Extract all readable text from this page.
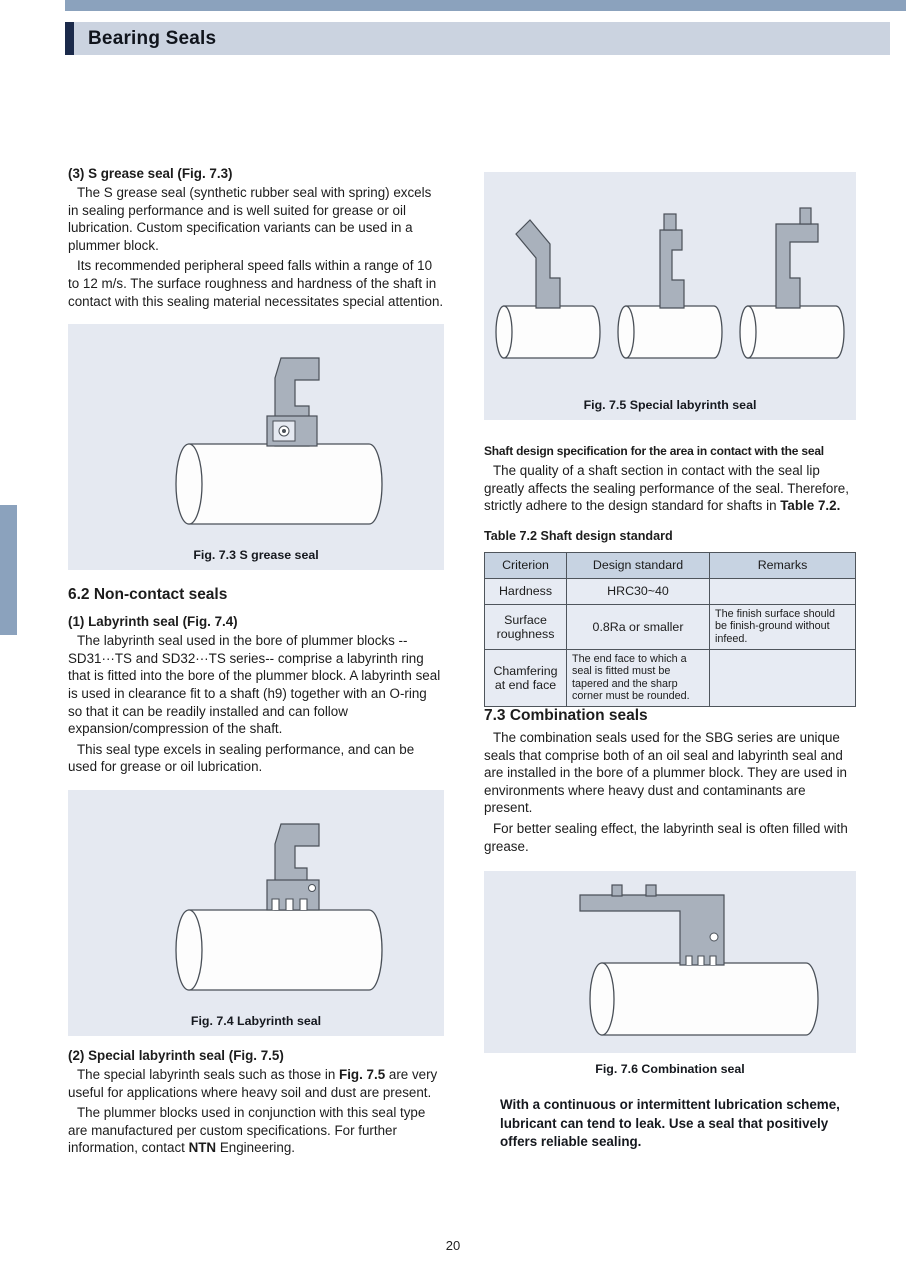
Bearing Seals
(3) S grease seal (Fig. 7.3)

The S grease seal (synthetic rubber seal with spring) excels in sealing performance and is well suited for grease or oil lubrication. Custom specification variants can be used in a plummer block.

Its recommended peripheral speed falls within a range of 10 to 12 m/s. The surface roughness and hardness of the shaft in contact with this sealing material necessitates special attention.

Fig. 7.3 S grease seal
6.2 Non-contact seals
(1) Labyrinth seal (Fig. 7.4)

The labyrinth seal used in the bore of plummer blocks -- SD31···TS and SD32···TS series-- comprise a labyrinth ring that is fitted into the bore of the plummer block. A labyrinth seal is used in clearance fit to a shaft (h9) together with an O-ring so that it can be readily installed and can follow expansion/compression of the shaft.

This seal type excels in sealing performance, and can be used for grease or oil lubrication.

Fig. 7.4 Labyrinth seal
(2) Special labyrinth seal (Fig. 7.5)

The special labyrinth seals such as those in Fig. 7.5 are very useful for applications where heavy soil and dust are present.

The plummer blocks used in conjunction with this seal type are manufactured per custom specifications. For further information, contact NTN Engineering.

Fig. 7.5 Special labyrinth seal
Shaft design specification for the area in contact with the seal

The quality of a shaft section in contact with the seal lip greatly affects the sealing performance of the seal. Therefore, strictly adhere to the design standard for shafts in Table 7.2.

Table 7.2 Shaft design standard
Criterion	Design standard	Remarks
Hardness	HRC30~40	
Surface roughness	0.8Ra or smaller	The finish surface should be finish-ground without infeed.
Chamfering at end face	The end face to which a seal is fitted must be tapered and the sharp corner must be rounded.	
7.3 Combination seals

The combination seals used for the SBG series are unique seals that comprise both of an oil seal and labyrinth seal and are installed in the bore of a plummer block. They are used in environments where heavy dust and contaminants are present.

For better sealing effect, the labyrinth seal is often filled with grease.

Fig. 7.6 Combination seal

With a continuous or intermittent lubrication scheme, lubricant can tend to leak. Use a seal that positively offers reliable sealing.

20
